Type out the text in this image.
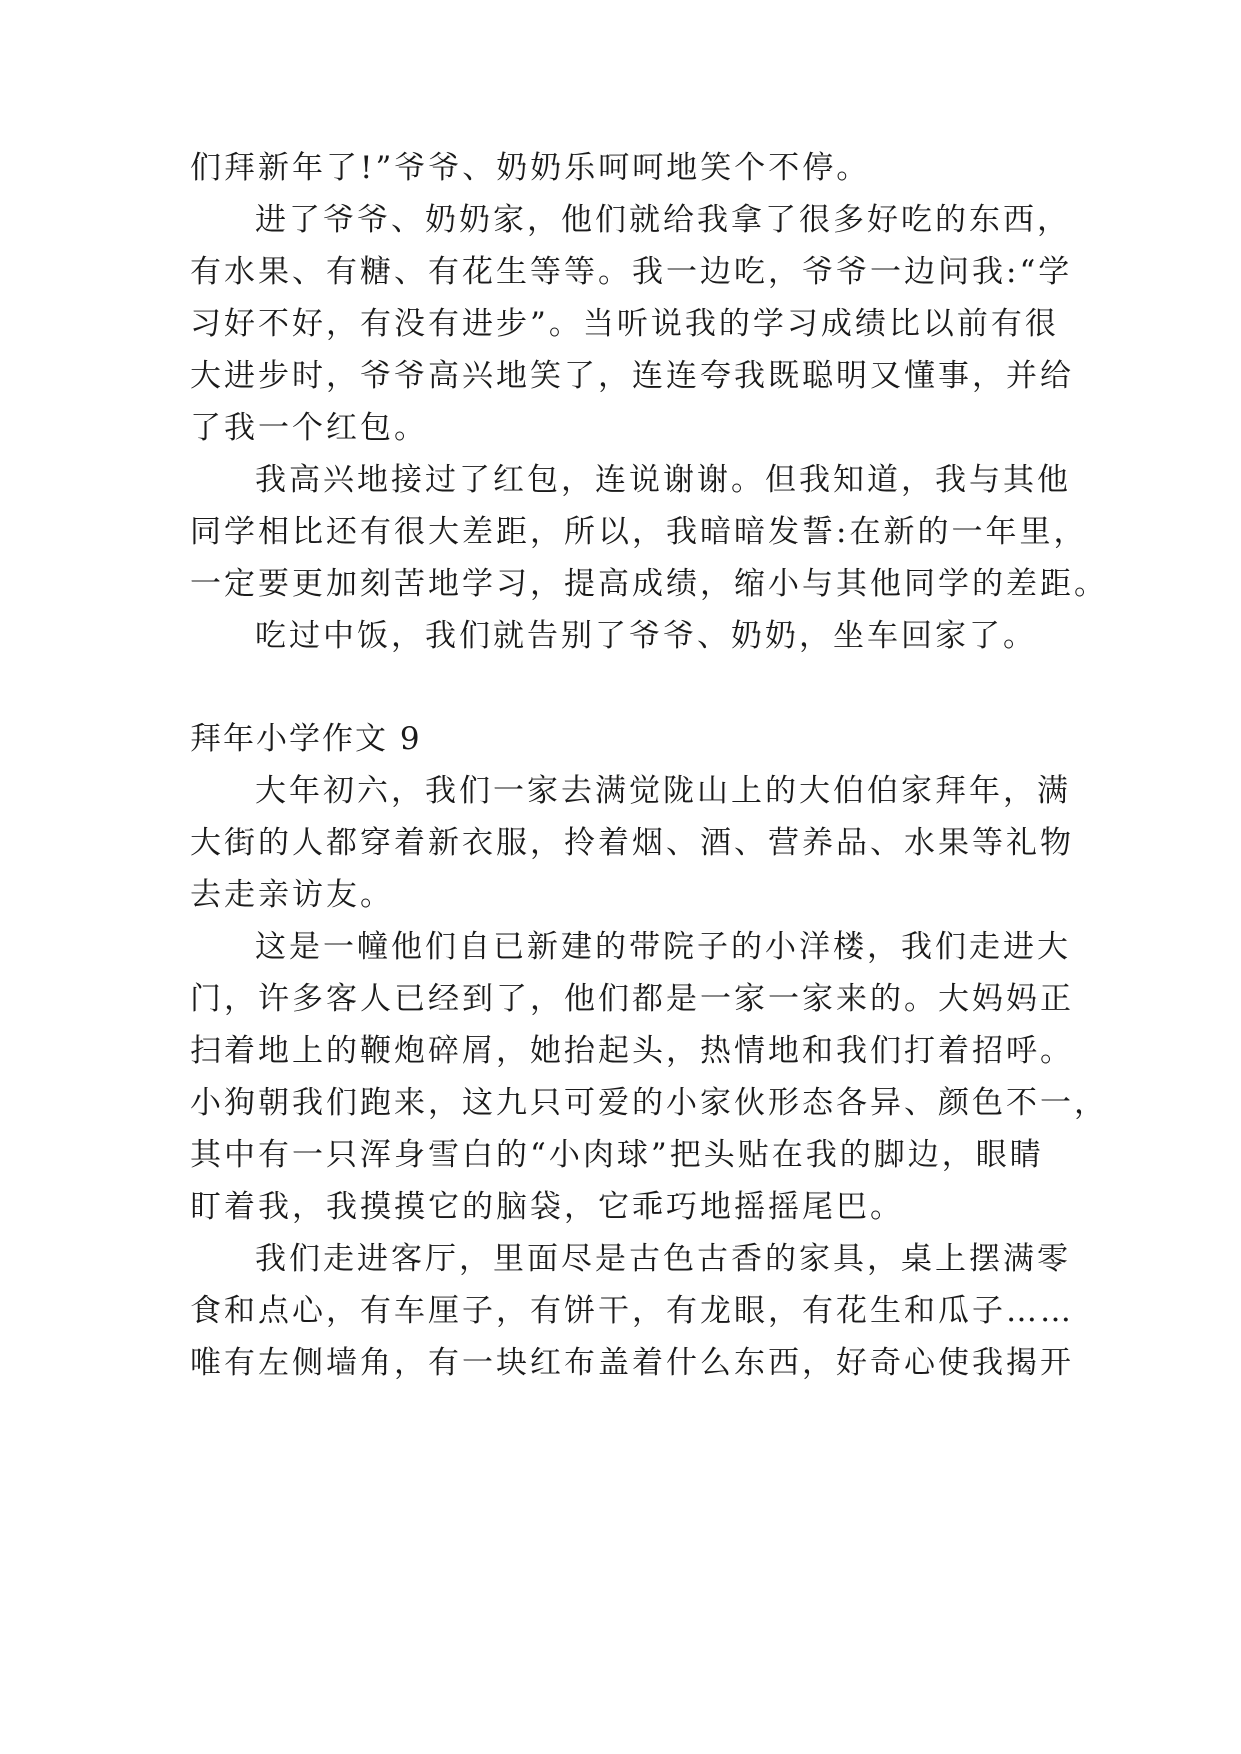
们拜新年了!”爷爷、奶奶乐呵呵地笑个不停。
进了爷爷、奶奶家，他们就给我拿了很多好吃的东西，
有水果、有糖、有花生等等。我一边吃，爷爷一边问我:“学
习好不好，有没有进步”。当听说我的学习成绩比以前有很
大进步时，爷爷高兴地笑了，连连夸我既聪明又懂事，并给
了我一个红包。
我高兴地接过了红包，连说谢谢。但我知道，我与其他
同学相比还有很大差距，所以，我暗暗发誓:在新的一年里，
一定要更加刻苦地学习，提高成绩，缩小与其他同学的差距。
吃过中饭，我们就告别了爷爷、奶奶，坐车回家了。
拜年小学作文 9
大年初六，我们一家去满觉陇山上的大伯伯家拜年，满
大街的人都穿着新衣服，拎着烟、酒、营养品、水果等礼物
去走亲访友。
这是一幢他们自已新建的带院子的小洋楼，我们走进大
门，许多客人已经到了，他们都是一家一家来的。大妈妈正
扫着地上的鞭炮碎屑，她抬起头，热情地和我们打着招呼。
小狗朝我们跑来，这九只可爱的小家伙形态各异、颜色不一，
其中有一只浑身雪白的“小肉球”把头贴在我的脚边，眼睛
盯着我，我摸摸它的脑袋，它乖巧地摇摇尾巴。
我们走进客厅，里面尽是古色古香的家具，桌上摆满零
食和点心，有车厘子，有饼干，有龙眼，有花生和瓜子……
唯有左侧墙角，有一块红布盖着什么东西，好奇心使我揭开
